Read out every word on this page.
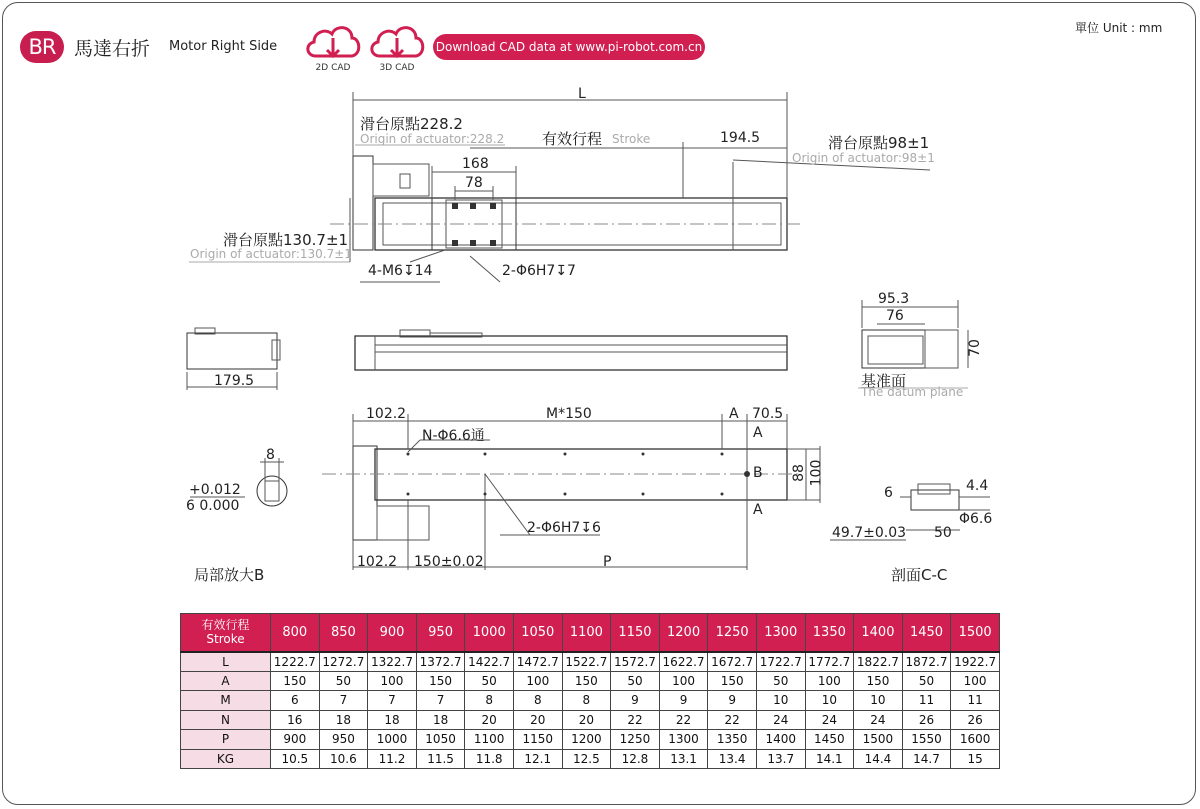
BR 馬達右折 Motor Right Side
2D CAD	3D CAD
Download CAD data at www.pi-robot.com.cn
單位 Unit : mm
L
滑台原點228.2
Origin of actuator:228.2	有效行程 Stroke	194.5	滑台原點98±1
Origin of actuator:98±1
168
78
滑台原點130.7±1
Origin of actuator:130.7±1
4-M6↧14	2-Φ6H7↧7
179.5
95.3
76
70
基准面
The datum plane
102.2	M*150	A 70.5
N-Φ6.6通	A
B
A
88 100
2-Φ6H7↧6
102.2 150±0.02	P
8
+0.012
6 0.000
局部放大B
6	4.4
Φ6.6
49.7±0.03 50
剖面C-C
有效行程
Stroke	800	850	900	950	1000	1050	1100	1150	1200	1250	1300	1350	1400	1450	1500
L	1222.7	1272.7	1322.7	1372.7	1422.7	1472.7	1522.7	1572.7	1622.7	1672.7	1722.7	1772.7	1822.7	1872.7	1922.7
A	150	50	100	150	50	100	150	50	100	150	50	100	150	50	100
M	6	7	7	7	8	8	8	9	9	9	10	10	10	11	11
N	16	18	18	18	20	20	20	22	22	22	24	24	24	26	26
P	900	950	1000	1050	1100	1150	1200	1250	1300	1350	1400	1450	1500	1550	1600
KG	10.5	10.6	11.2	11.5	11.8	12.1	12.5	12.8	13.1	13.4	13.7	14.1	14.4	14.7	15
